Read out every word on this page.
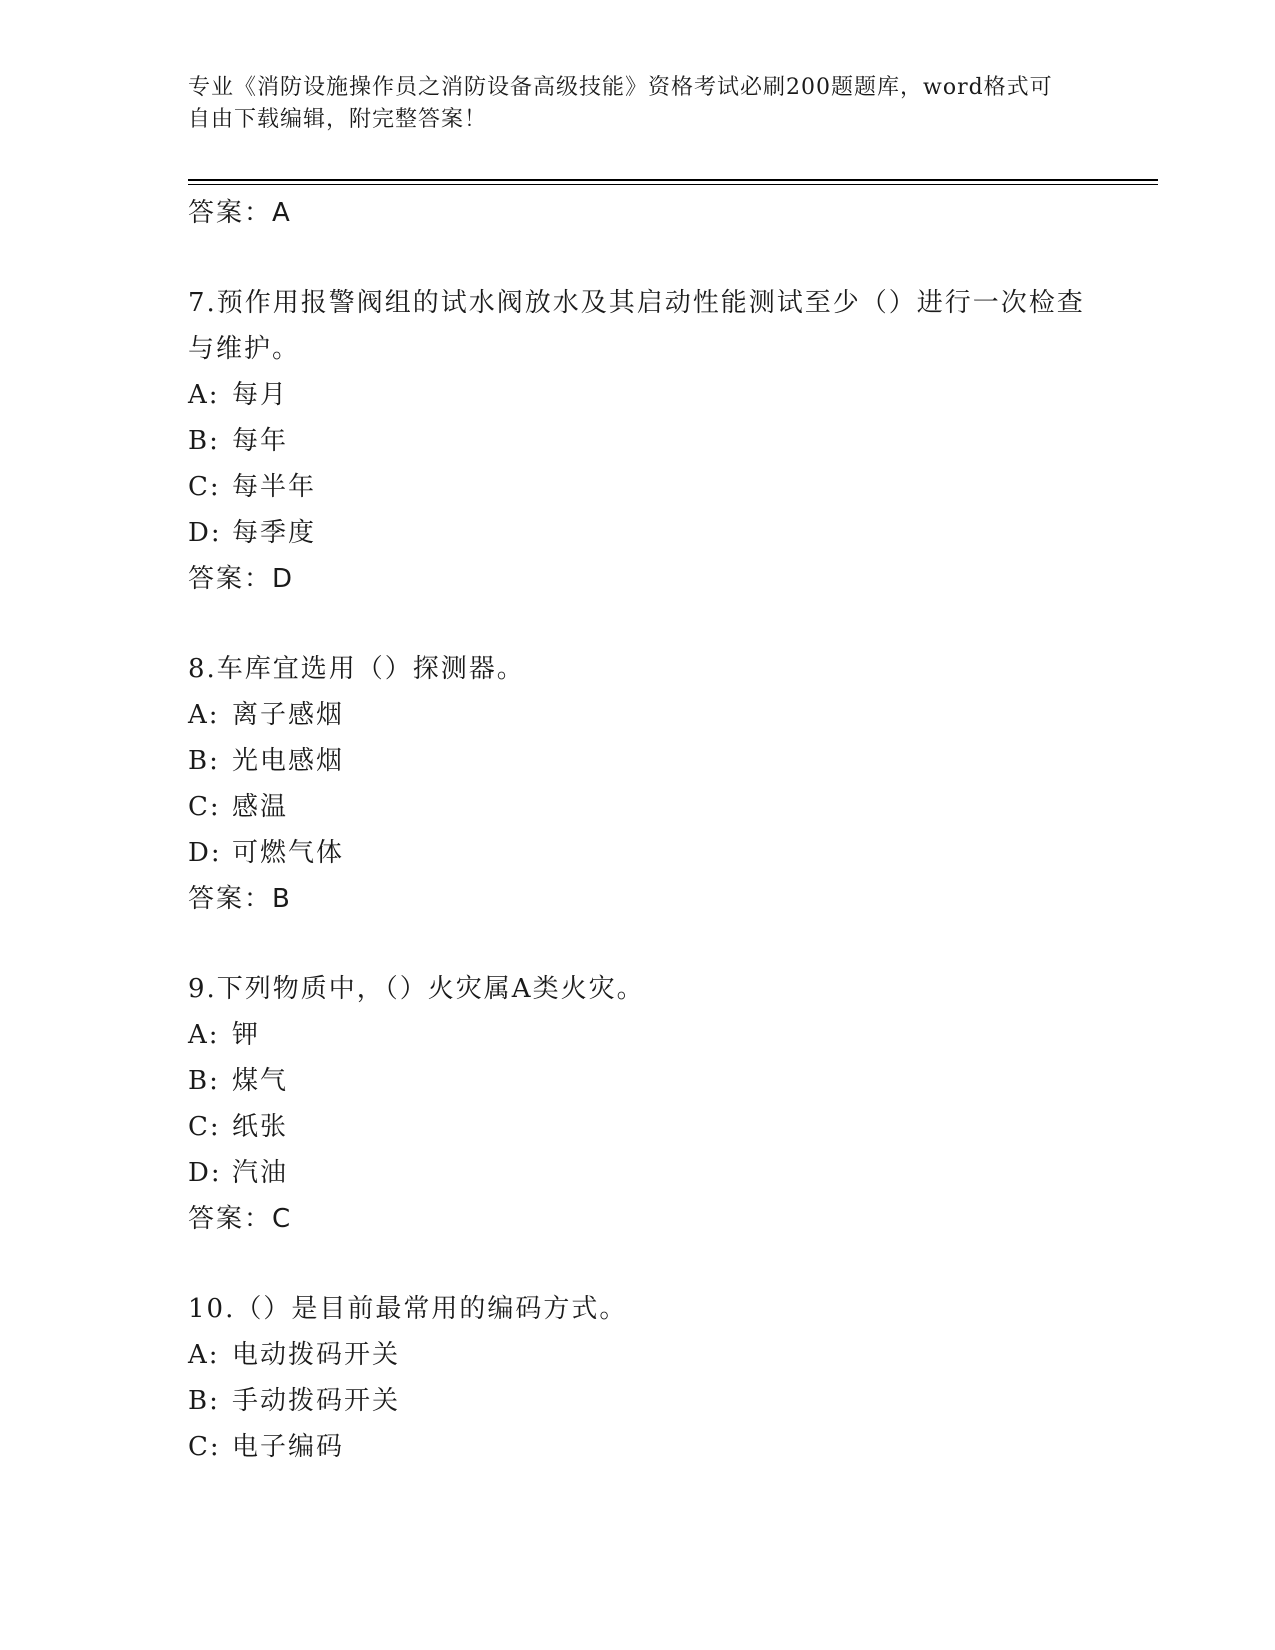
专业《消防设施操作员之消防设备高级技能》资格考试必刷200题题库，word格式可自由下载编辑，附完整答案！
答案：A
7.预作用报警阀组的试水阀放水及其启动性能测试至少（）进行一次检查与维护。
A: 每月
B: 每年
C: 每半年
D: 每季度
答案：D
8.车库宜选用（）探测器。
A: 离子感烟
B: 光电感烟
C: 感温
D: 可燃气体
答案：B
9.下列物质中，（）火灾属A类火灾。
A: 钾
B: 煤气
C: 纸张
D: 汽油
答案：C
10.（）是目前最常用的编码方式。
A: 电动拨码开关
B: 手动拨码开关
C: 电子编码
